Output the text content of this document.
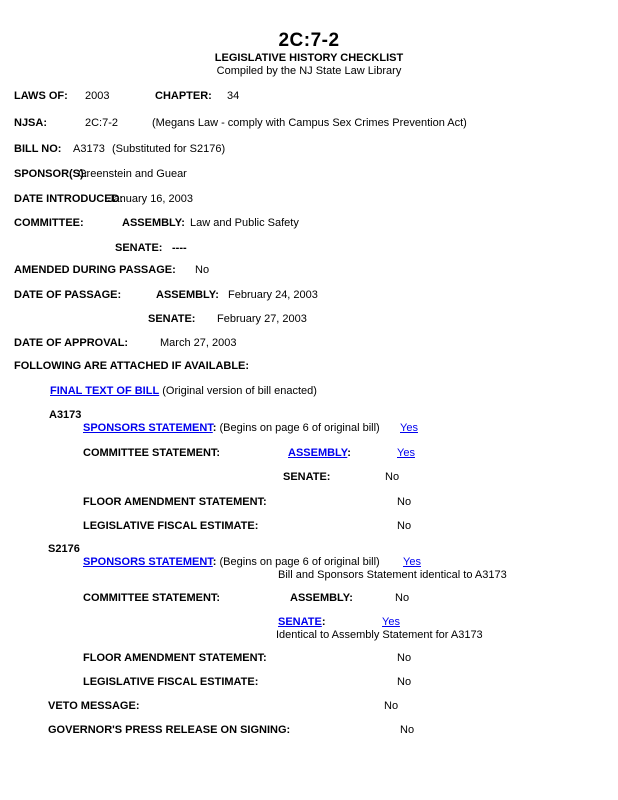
2C:7-2
LEGISLATIVE HISTORY CHECKLIST
Compiled by the NJ State Law Library
LAWS OF: 2003	CHAPTER: 34
NJSA:	2C:7-2	(Megans Law - comply with Campus Sex Crimes Prevention Act)
BILL NO: A3173 (Substituted for S2176)
SPONSOR(S):
Greenstein and Guear
DATE INTRODUCED:
January 16, 2003
COMMITTEE:	ASSEMBLY: Law and Public Safety
SENATE: ----
AMENDED DURING PASSAGE: No
DATE OF PASSAGE:	ASSEMBLY: February 24, 2003
SENATE: February 27, 2003
DATE OF APPROVAL:	March 27, 2003
FOLLOWING ARE ATTACHED IF AVAILABLE:
FINAL TEXT OF BILL (Original version of bill enacted)
A3173
SPONSORS STATEMENT: (Begins on page 6 of original bill) Yes
COMMITTEE STATEMENT:	ASSEMBLY:	Yes
SENATE:	No
FLOOR AMENDMENT STATEMENT:	No
LEGISLATIVE FISCAL ESTIMATE:	No
S2176
SPONSORS STATEMENT: (Begins on page 6 of original bill) Yes
Bill and Sponsors Statement identical to A3173
COMMITTEE STATEMENT:	ASSEMBLY:	No
SENATE:	Yes
Identical to Assembly Statement for A3173
FLOOR AMENDMENT STATEMENT:	No
LEGISLATIVE FISCAL ESTIMATE:	No
VETO MESSAGE:	No
GOVERNOR'S PRESS RELEASE ON SIGNING:	No
